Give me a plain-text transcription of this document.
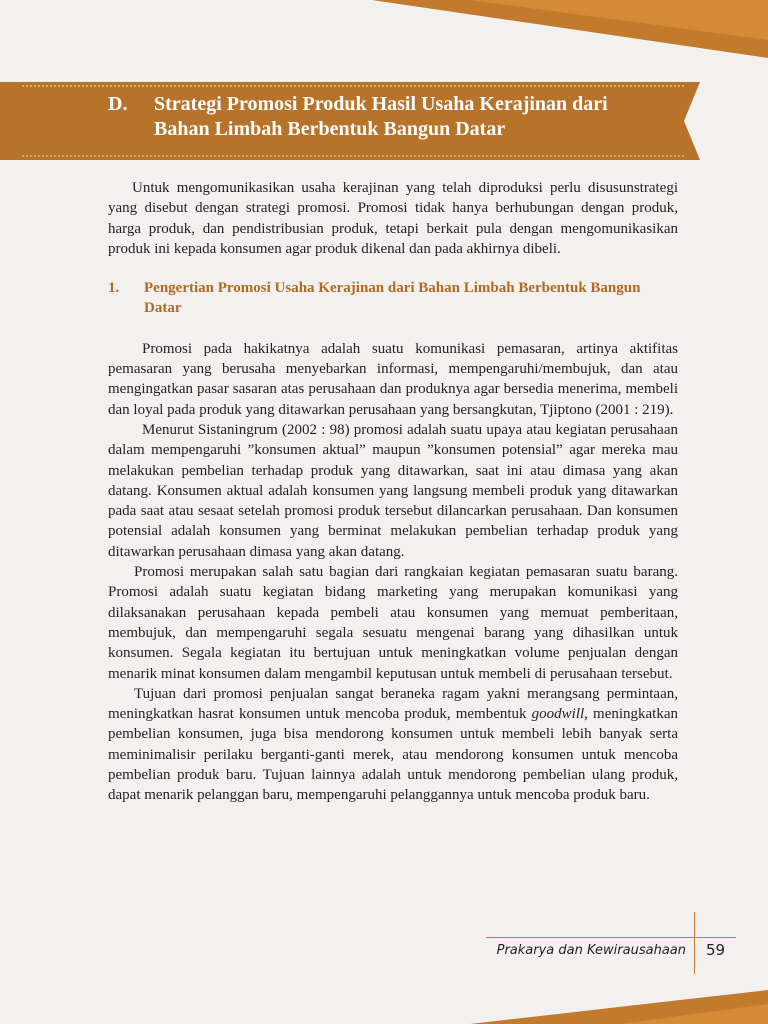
D.	Strategi Promosi Produk Hasil Usaha Kerajinan dari
Bahan Limbah Berbentuk Bangun Datar

Untuk mengomunikasikan usaha kerajinan yang telah diproduksi perlu disusunstrategi yang disebut dengan strategi promosi. Promosi tidak hanya berhubungan dengan produk, harga produk, dan pendistribusian produk, tetapi berkait pula dengan mengomunikasikan produk ini kepada konsumen agar produk dikenal dan pada akhirnya dibeli.

1. Pengertian Promosi Usaha Kerajinan dari Bahan Limbah Berbentuk Bangun Datar

Promosi pada hakikatnya adalah suatu komunikasi pemasaran, artinya aktifitas pemasaran yang berusaha menyebarkan informasi, mempengaruhi/membujuk, dan atau mengingatkan pasar sasaran atas perusahaan dan produknya agar bersedia menerima, membeli dan loyal pada produk yang ditawarkan perusahaan yang bersangkutan, Tjiptono (2001 : 219).

Menurut Sistaningrum (2002 : 98) promosi adalah suatu upaya atau kegiatan perusahaan dalam mempengaruhi ”konsumen aktual” maupun ”konsumen potensial” agar mereka mau melakukan pembelian terhadap produk yang ditawarkan, saat ini atau dimasa yang akan datang. Konsumen aktual adalah konsumen yang langsung membeli produk yang ditawarkan pada saat atau sesaat setelah promosi produk tersebut dilancarkan perusahaan. Dan konsumen potensial adalah konsumen yang berminat melakukan pembelian terhadap produk yang ditawarkan perusahaan dimasa yang akan datang.

Promosi merupakan salah satu bagian dari rangkaian kegiatan pemasaran suatu barang. Promosi adalah suatu kegiatan bidang marketing yang merupakan komunikasi yang dilaksanakan perusahaan kepada pembeli atau konsumen yang memuat pemberitaan, membujuk, dan mempengaruhi segala sesuatu mengenai barang yang dihasilkan untuk konsumen. Segala kegiatan itu bertujuan untuk meningkatkan volume penjualan dengan menarik minat konsumen dalam mengambil keputusan untuk membeli di perusahaan tersebut.

Tujuan dari promosi penjualan sangat beraneka ragam yakni merangsang permintaan, meningkatkan hasrat konsumen untuk mencoba produk, membentuk goodwill, meningkatkan pembelian konsumen, juga bisa mendorong konsumen untuk membeli lebih banyak serta meminimalisir perilaku berganti-ganti merek, atau mendorong konsumen untuk mencoba pembelian produk baru. Tujuan lainnya adalah untuk mendorong pembelian ulang produk, dapat menarik pelanggan baru, mempengaruhi pelanggannya untuk mencoba produk baru.

Prakarya dan Kewirausahaan 59
